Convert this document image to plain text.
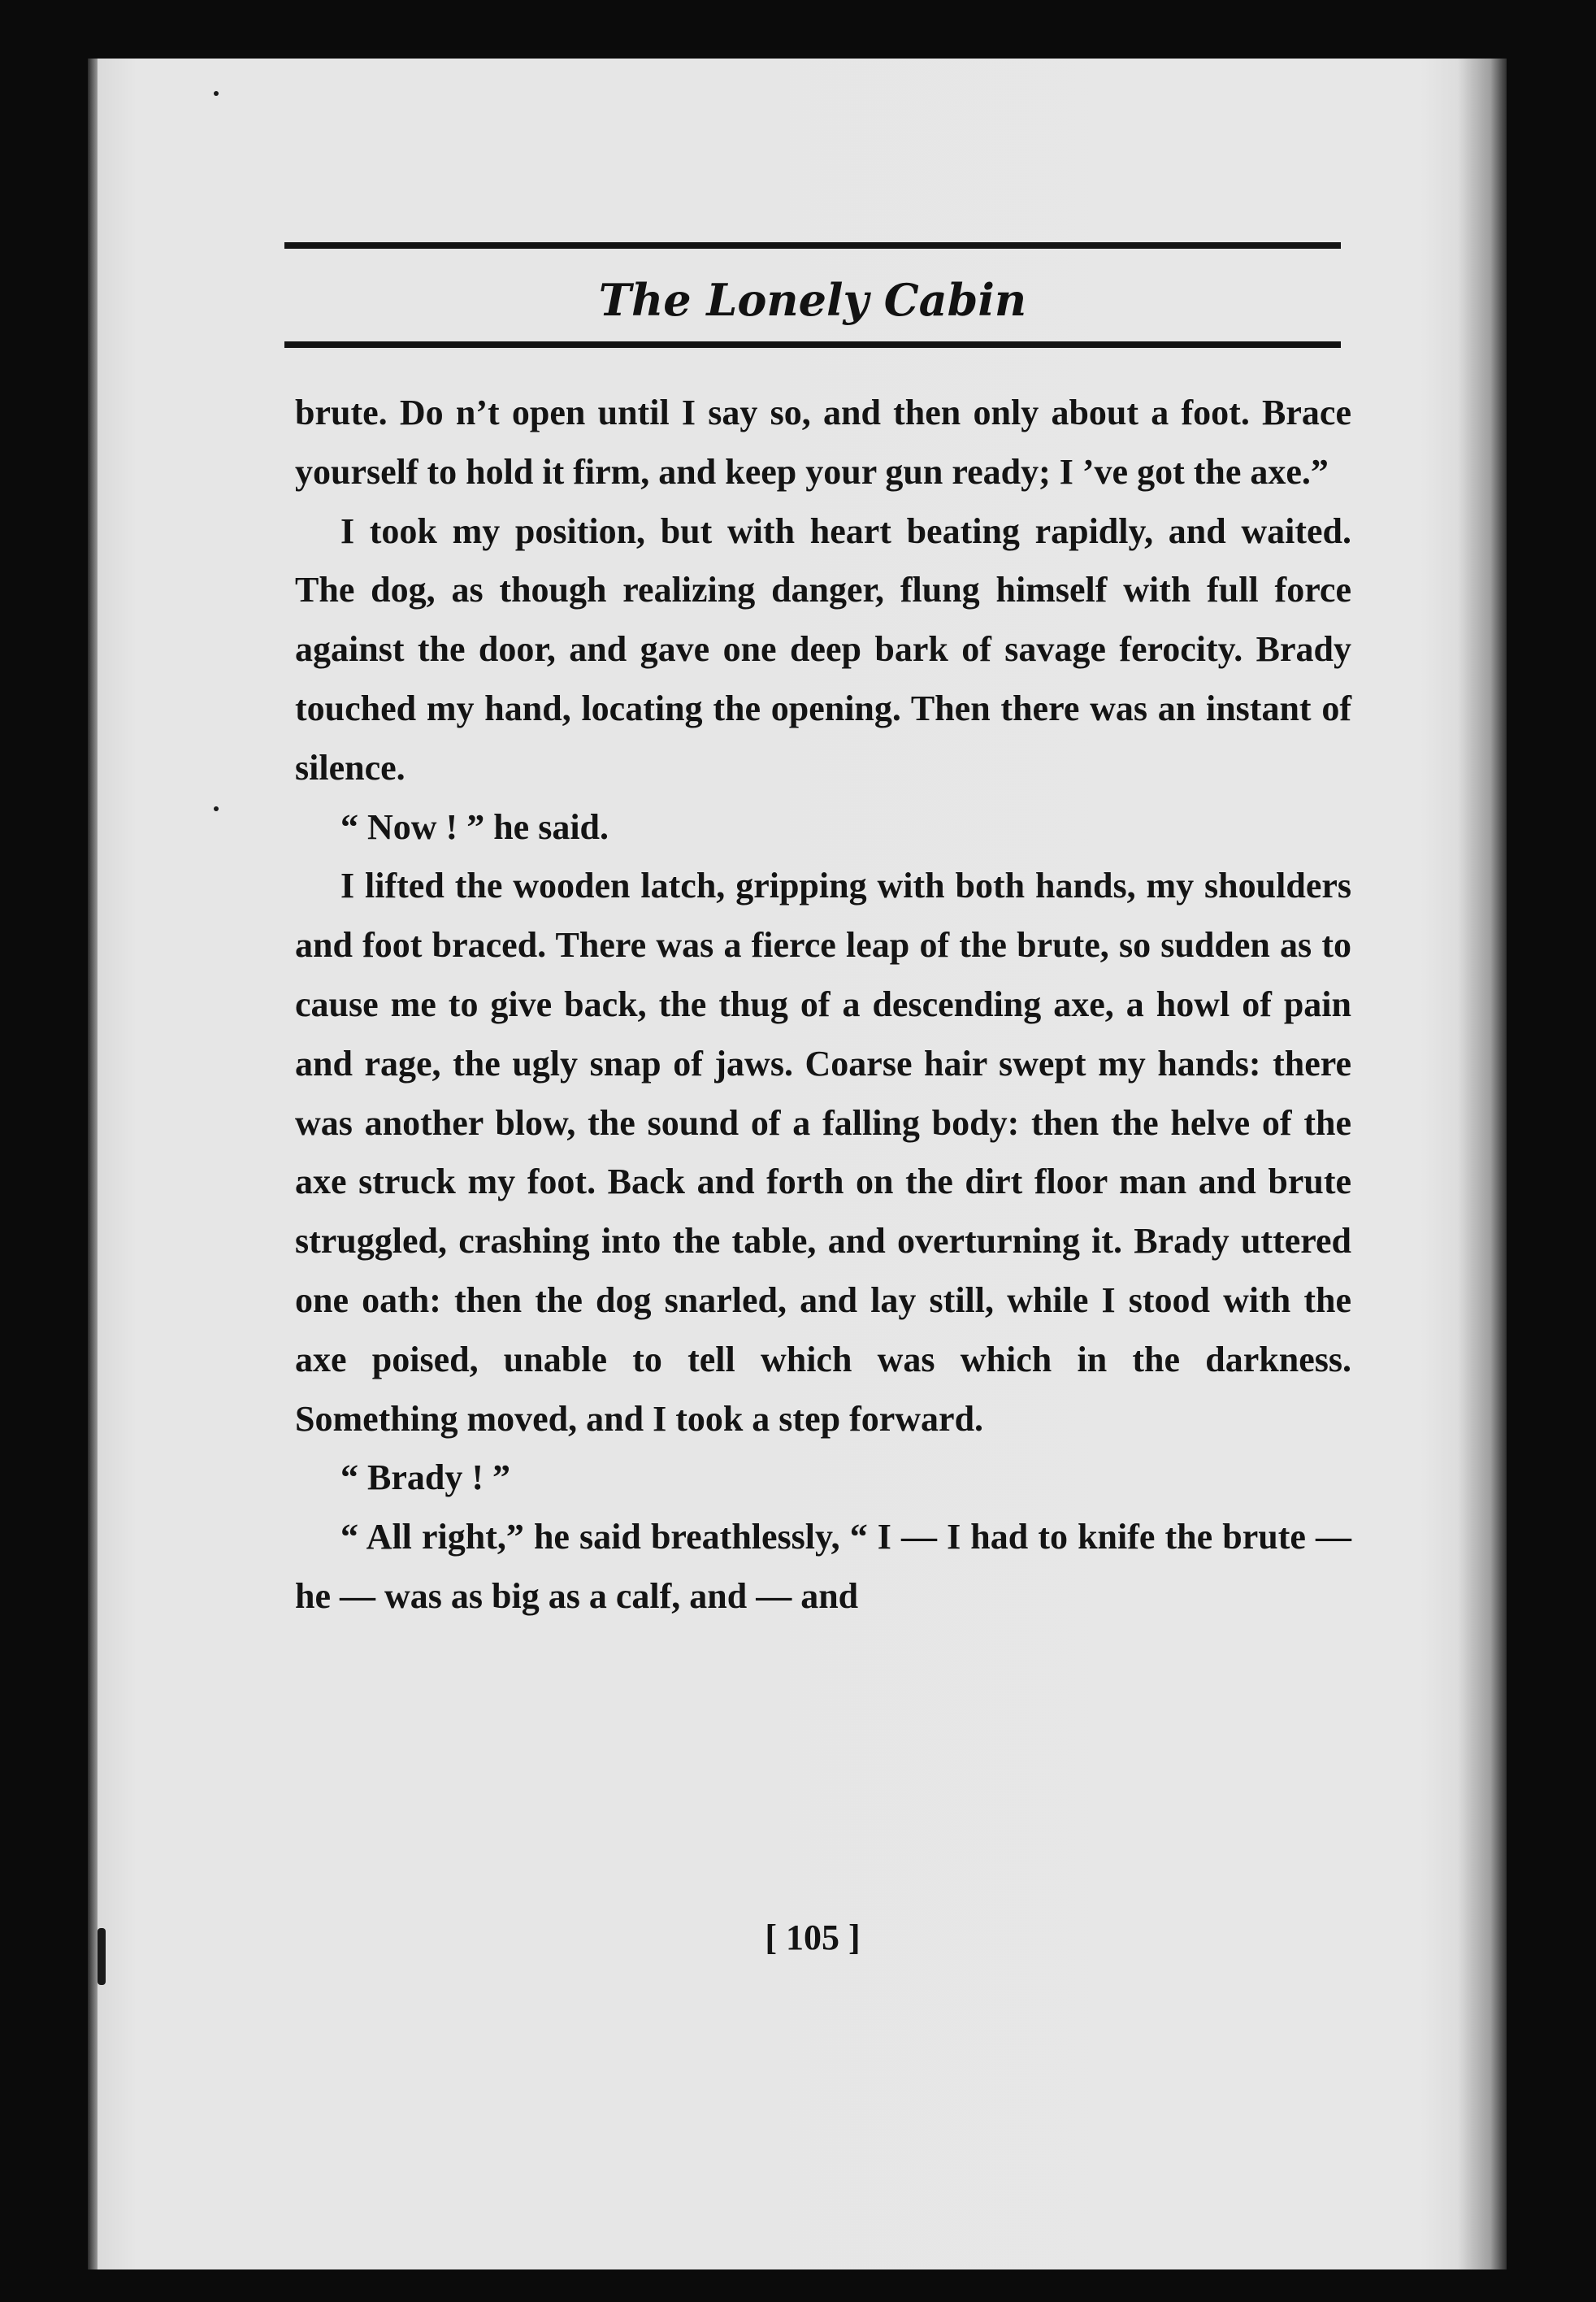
The Lonely Cabin

brute. Do n’t open until I say so, and then only about a foot. Brace yourself to hold it firm, and keep your gun ready; I ’ve got the axe.”

I took my position, but with heart beating rapidly, and waited. The dog, as though realizing danger, flung himself with full force against the door, and gave one deep bark of savage ferocity. Brady touched my hand, locating the opening. Then there was an instant of silence.

“ Now ! ” he said.

I lifted the wooden latch, gripping with both hands, my shoulders and foot braced. There was a fierce leap of the brute, so sudden as to cause me to give back, the thug of a descending axe, a howl of pain and rage, the ugly snap of jaws. Coarse hair swept my hands: there was another blow, the sound of a falling body: then the helve of the axe struck my foot. Back and forth on the dirt floor man and brute struggled, crashing into the table, and overturning it. Brady uttered one oath: then the dog snarled, and lay still, while I stood with the axe poised, unable to tell which was which in the darkness. Something moved, and I took a step forward.

“ Brady ! ”

“ All right,” he said breathlessly, “ I — I had to knife the brute — he — was as big as a calf, and — and

[ 105 ]
